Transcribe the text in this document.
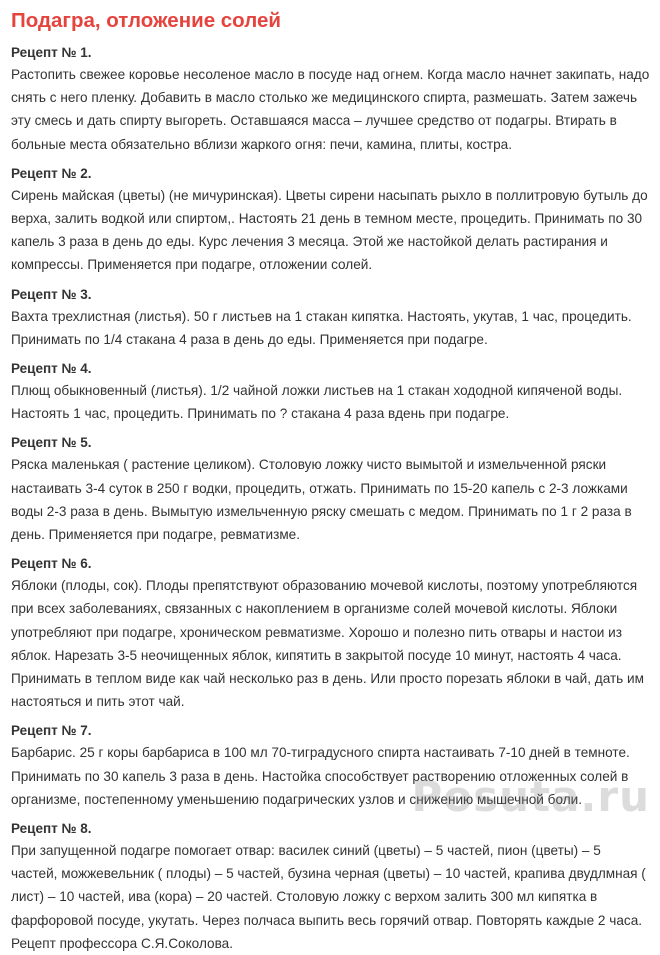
Подагра, отложение солей
Рецепт № 1.

Растопить свежее коровье несоленое масло в посуде над огнем. Когда масло начнет закипать, надо снять с него пленку. Добавить в масло столько же медицинского спирта, размешать. Затем зажечь эту смесь и дать спирту выгореть. Оставшаяся масса – лучшее средство от подагры. Втирать в больные места обязательно вблизи жаркого огня: печи, камина, плиты, костра.

Рецепт № 2.

Сирень майская (цветы) (не мичуринская). Цветы сирени насыпать рыхло в поллитровую бутыль до верха, залить водкой или спиртом,. Настоять 21 день в темном месте, процедить. Принимать по 30 капель 3 раза в день до еды. Курс лечения 3 месяца. Этой же настойкой делать растирания и компрессы. Применяется при подагре, отложении солей.

Рецепт № 3.

Вахта трехлистная (листья). 50 г листьев на 1 стакан кипятка. Настоять, укутав, 1 час, процедить. Принимать по 1/4 стакана 4 раза в день до еды. Применяется при подагре.

Рецепт № 4.

Плющ обыкновенный (листья). 1/2 чайной ложки листьев на 1 стакан хододной кипяченой воды. Настоять 1 час, процедить. Принимать по ? стакана 4 раза вдень при подагре.

Рецепт № 5.

Ряска маленькая ( растение целиком). Столовую ложку чисто вымытой и измельченной ряски настаивать 3-4 суток в 250 г водки, процедить, отжать. Принимать по 15-20 капель с 2-3 ложками воды 2-3 раза в день. Вымытую измельченную ряску смешать с медом. Принимать по 1 г 2 раза в день. Применяется при подагре, ревматизме.

Рецепт № 6.

Яблоки (плоды, сок). Плоды препятствуют образованию мочевой кислоты, поэтому употребляются при всех заболеваниях, связанных с накоплением в организме солей мочевой кислоты. Яблоки употребляют при подагре, хроническом ревматизме. Хорошо и полезно пить отвары и настои из яблок. Нарезать 3-5 неочищенных яблок, кипятить в закрытой посуде 10 минут, настоять 4 часа. Принимать в теплом виде как чай несколько раз в день. Или просто порезать яблоки в чай, дать им настояться и пить этот чай.

Рецепт № 7.

Барбарис. 25 г коры барбариса в 100 мл 70-тиградусного спирта настаивать 7-10 дней в темноте. Принимать по 30 капель 3 раза в день. Настойка способствует растворению отложенных солей в организме, постепенному уменьшению подагрических узлов и снижению мышечной боли.

Рецепт № 8.

При запущенной подагре помогает отвар: василек синий (цветы) – 5 частей, пион (цветы) – 5 частей, можжевельник ( плоды) – 5 частей, бузина черная (цветы) – 10 частей, крапива двудлмная ( лист) – 10 частей, ива (кора) – 20 частей. Столовую ложку с верхом залить 300 мл кипятка в фарфоровой посуде, укутать. Через полчаса выпить весь горячий отвар. Повторять каждые 2 часа. Рецепт профессора С.Я.Соколова.

Posuta.ru
